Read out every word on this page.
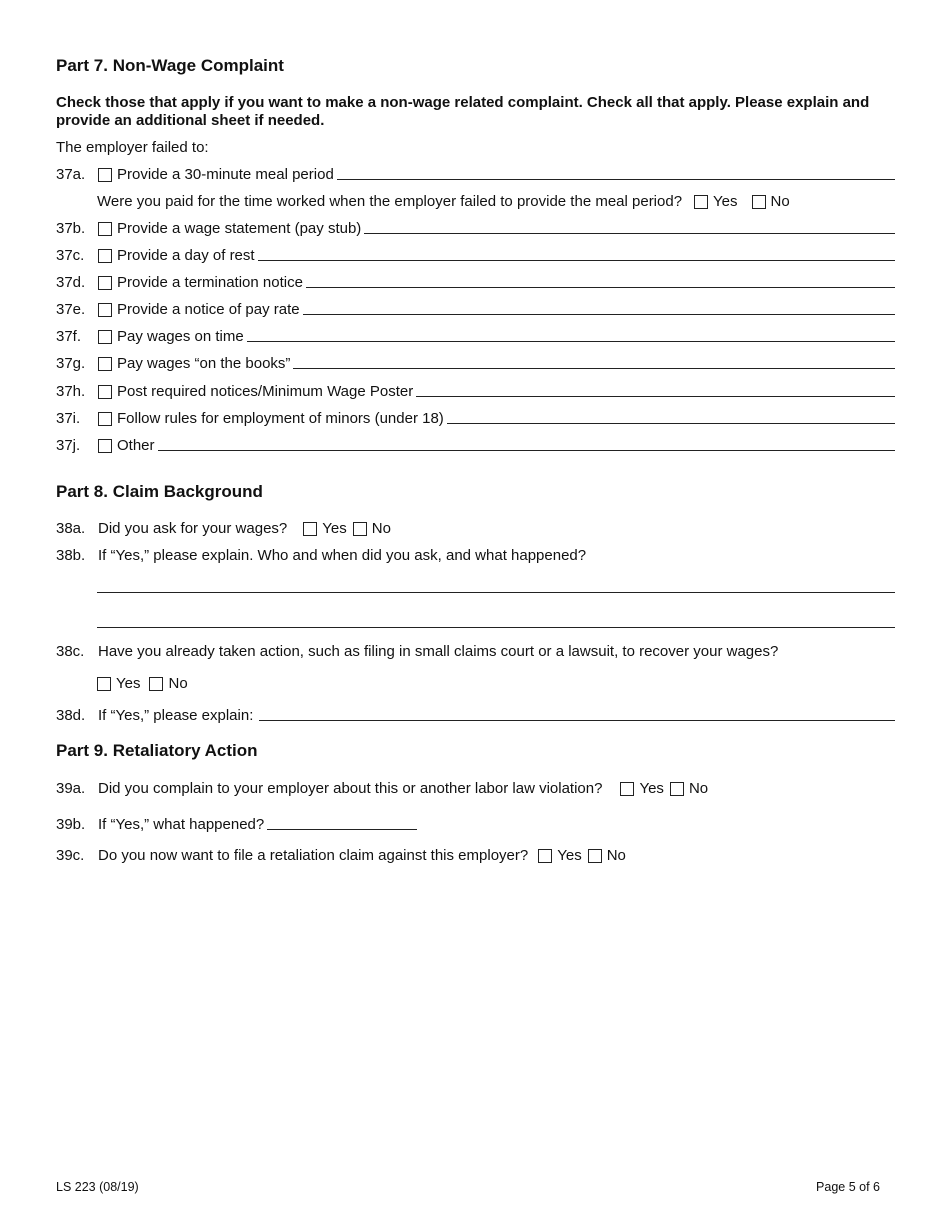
Part 7. Non-Wage Complaint
Check those that apply if you want to make a non-wage related complaint. Check all that apply. Please explain and provide an additional sheet if needed.
The employer failed to:
37a.	Provide a 30-minute meal period
Were you paid for the time worked when the employer failed to provide the meal period? Yes No
37b.	Provide a wage statement (pay stub)
37c.	Provide a day of rest
37d.	Provide a termination notice
37e.	Provide a notice of pay rate
37f.	Pay wages on time
37g.	Pay wages “on the books”
37h.	Post required notices/Minimum Wage Poster
37i.	Follow rules for employment of minors (under 18)
37j.	Other
Part 8. Claim Background
38a. Did you ask for your wages? Yes No
38b. If “Yes,” please explain. Who and when did you ask, and what happened?
38c. Have you already taken action, such as filing in small claims court or a lawsuit, to recover your wages?
Yes No
38d. If “Yes,” please explain:
Part 9. Retaliatory Action
39a. Did you complain to your employer about this or another labor law violation? Yes No
39b. If “Yes,” what happened?
39c. Do you now want to file a retaliation claim against this employer? Yes No
LS 223 (08/19)	Page 5 of 6
